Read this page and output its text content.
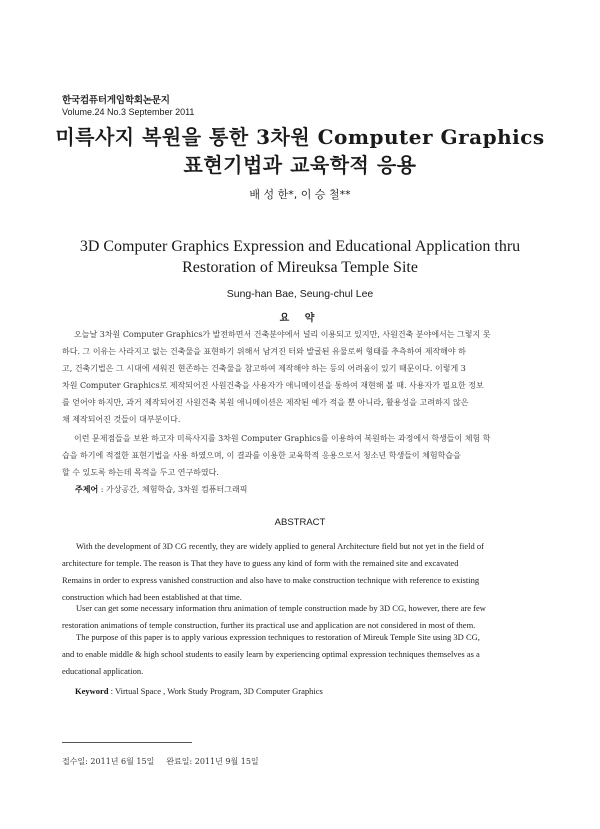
한국컴퓨터게임학회논문지
Volume.24 No.3 September 2011
미륵사지 복원을 통한 3차원 Computer Graphics
표현기법과 교육학적 응용
배 성 한*, 이 승 철**
3D Computer Graphics Expression and Educational Application thru
Restoration of Mireuksa Temple Site
Sung-han Bae, Seung-chul Lee
요 약
오늘날 3차원 Computer Graphics가 발전하면서 건축분야에서 널리 이용되고 있지만, 사원건축 분야에서는 그렇지 못
하다. 그 이유는 사라지고 없는 건축물을 표현하기 위해서 남겨진 터와 발굴된 유물로써 형태를 추측하여 제작해야 하
고, 건축기법은 그 시대에 세워진 현존하는 건축물을 참고하여 제작해야 하는 등의 어려움이 있기 때문이다. 이렇게 3
차원 Computer Graphics로 제작되어진 사원건축을 사용자가 애니메이션을 통하여 재현해 볼 때. 사용자가 필요한 정보
를 얻어야 하지만, 과거 제작되어진 사원건축 복원 애니메이션은 제작된 예가 적을 뿐 아니라, 활용성을 고려하지 않은
채 제작되어진 것들이 대부분이다.
이런 문제점들을 보완 하고자 미륵사지를 3차원 Computer Graphics를 이용하여 복원하는 과정에서 학생들이 체험 학
습을 하기에 적절한 표현기법을 사용 하였으며, 이 결과를 이용한 교육학적 응용으로서 청소년 학생들이 체험학습을
할 수 있도록 하는데 목적을 두고 연구하였다.
주제어 : 가상공간, 체험학습, 3차원 컴퓨터그래픽
ABSTRACT
With the development of 3D CG recently, they are widely applied to general Architecture field but not yet in the field of
architecture for temple. The reason is That they have to guess any kind of form with the remained site and excavated
Remains in order to express vanished construction and also have to make construction technique with reference to existing
construction which had been established at that time.
User can get some necessary information thru animation of temple construction made by 3D CG, however, there are few
restoration animations of temple construction, further its practical use and application are not considered in most of them.
The purpose of this paper is to apply various expression techniques to restoration of Mireuk Temple Site using 3D CG,
and to enable middle & high school students to easily learn by experiencing optimal expression techniques themselves as a
educational application.
Keyword : Virtual Space , Work Study Program, 3D Computer Graphics
접수일: 2011년 6월 15일 완료일: 2011년 9월 15일
